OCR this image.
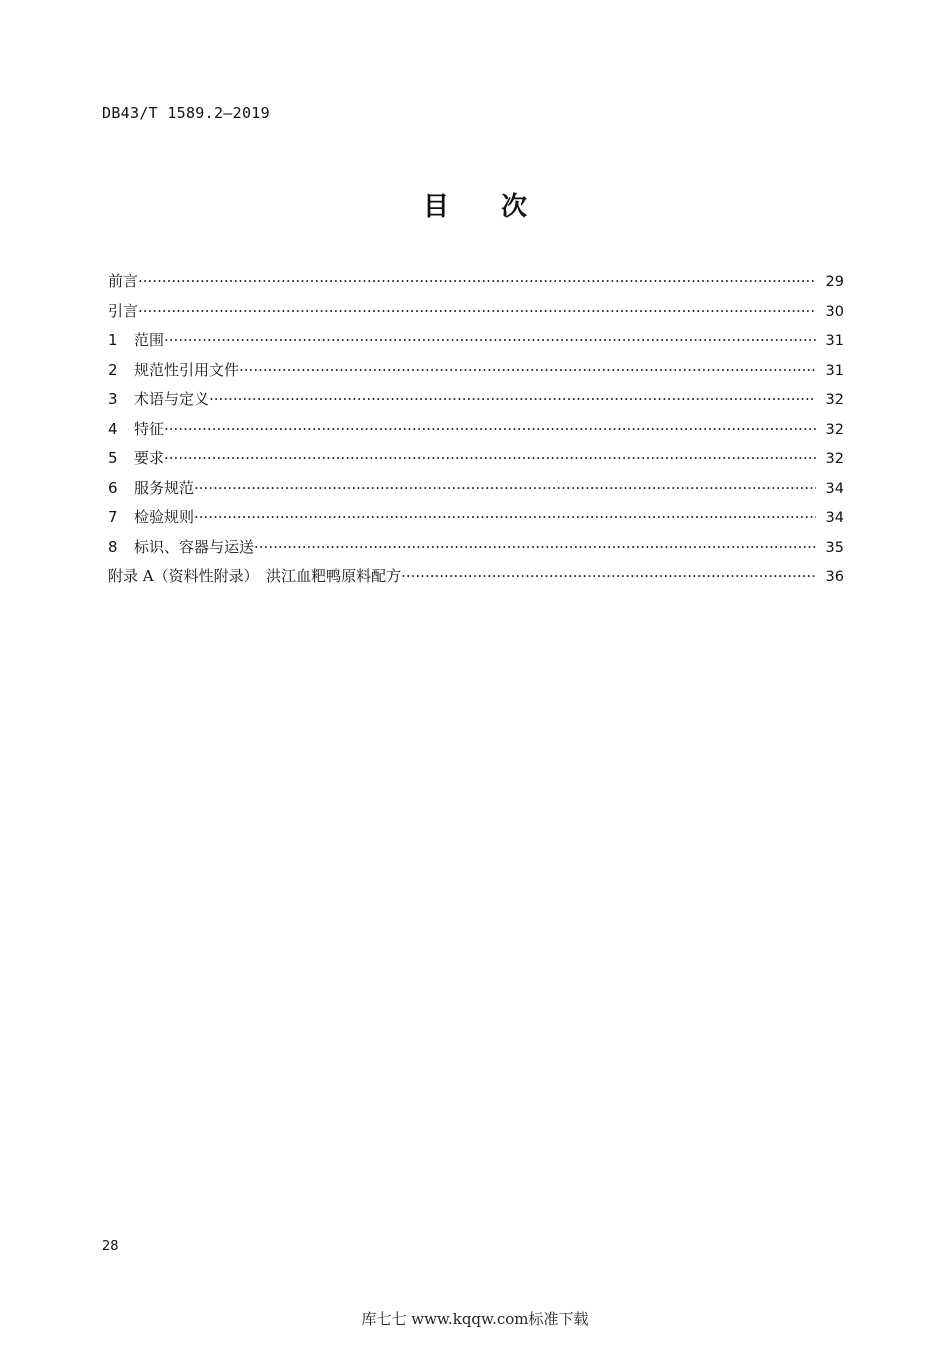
DB43/T 1589.2—2019
目 次
前言 ·····	29
引言 ·····	30
1	范围 ·····	31
2	规范性引用文件 ·····	31
3	术语与定义 ·····	32
4	特征 ·····	32
5	要求 ·····	32
6	服务规范 ·····	34
7	检验规则 ·····	34
8	标识、容器与运送 ·····	35
附录 A（资料性附录）　洪江血粑鸭原料配方 ·····	36
28
库七七 www.kqqw.com标准下载
